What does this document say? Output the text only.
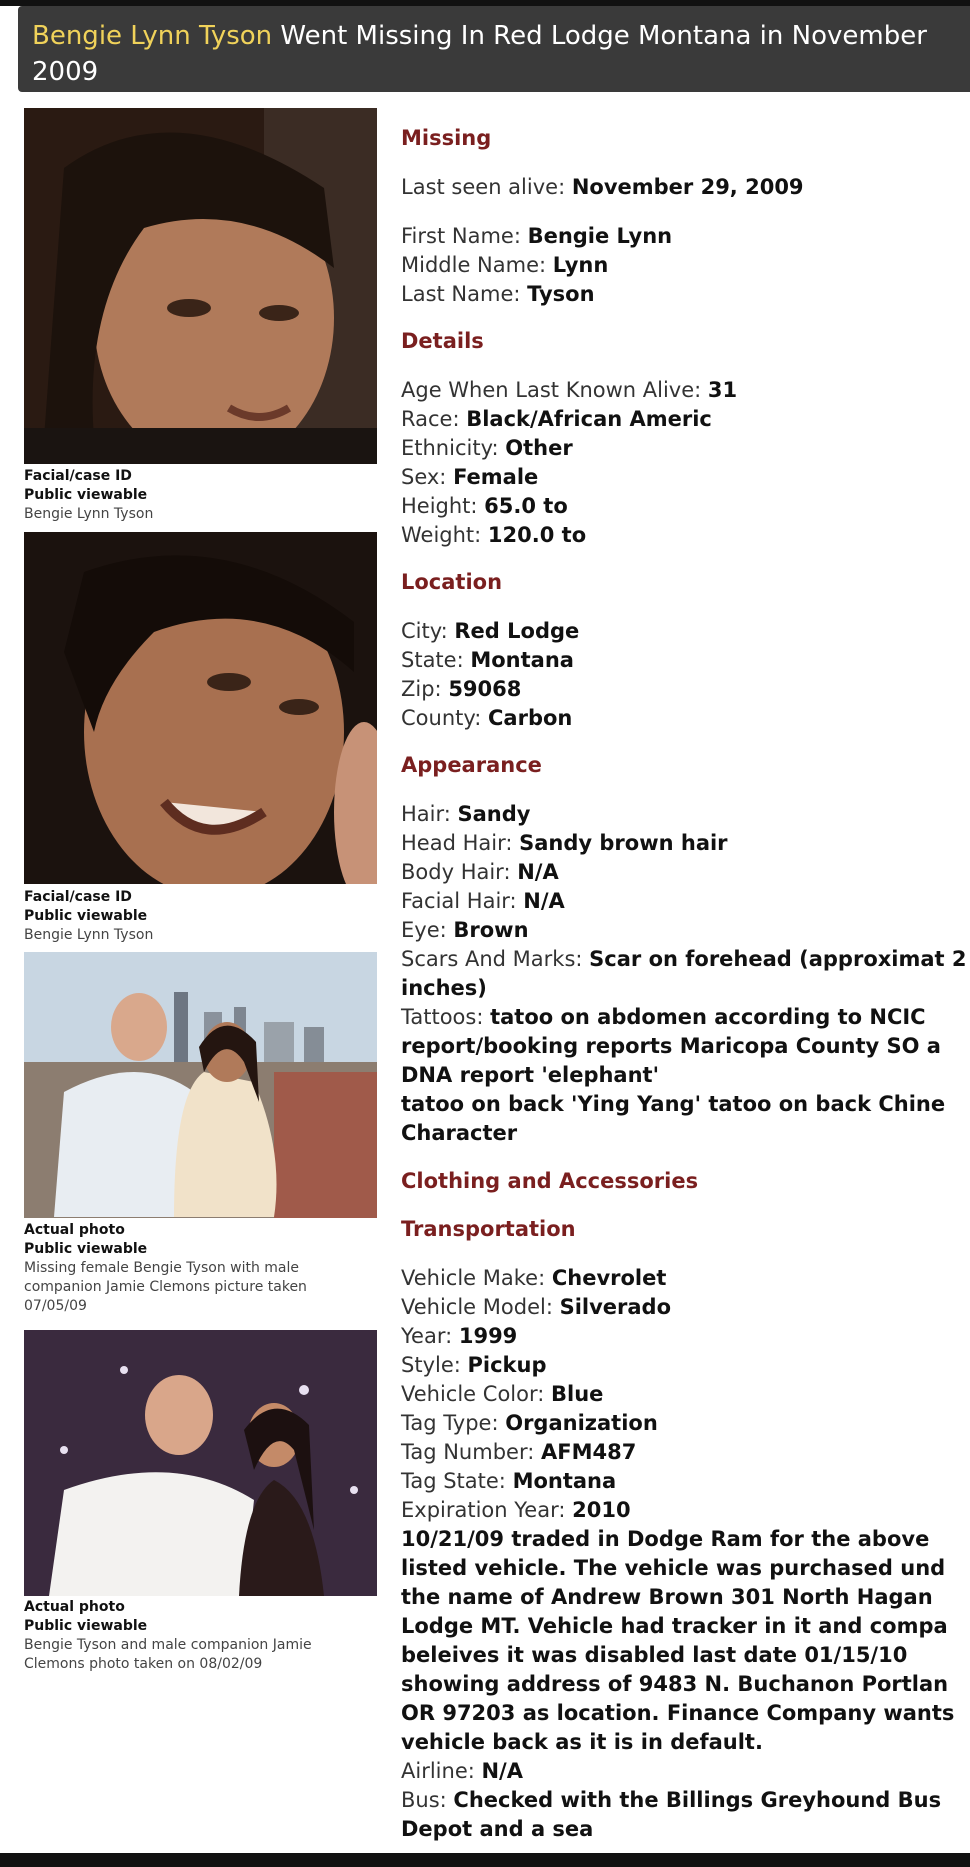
Bengie Lynn Tyson Went Missing In Red Lodge Montana in November 2009
Facial/case ID
Public viewable
Bengie Lynn Tyson
Facial/case ID
Public viewable
Bengie Lynn Tyson
Actual photo
Public viewable
Missing female Bengie Tyson with male companion Jamie Clemons picture taken 07/05/09
Actual photo
Public viewable
Bengie Tyson and male companion Jamie Clemons photo taken on 08/02/09
Missing
Last seen alive: November 29, 2009
First Name: Bengie Lynn
Middle Name: Lynn
Last Name: Tyson
Details
Age When Last Known Alive: 31
Race: Black/African Americ
Ethnicity: Other
Sex: Female
Height: 65.0 to
Weight: 120.0 to
Location
City: Red Lodge
State: Montana
Zip: 59068
County: Carbon
Appearance
Hair: Sandy
Head Hair: Sandy brown hair
Body Hair: N/A
Facial Hair: N/A
Eye: Brown
Scars And Marks: Scar on forehead (approximat 2 inches)
Tattoos: tatoo on abdomen according to NCIC report/booking reports Maricopa County SO a DNA report 'elephant'
tatoo on back 'Ying Yang' tatoo on back Chine Character
Clothing and Accessories
Transportation
Vehicle Make: Chevrolet
Vehicle Model: Silverado
Year: 1999
Style: Pickup
Vehicle Color: Blue
Tag Type: Organization
Tag Number: AFM487
Tag State: Montana
Expiration Year: 2010
10/21/09 traded in Dodge Ram for the above listed vehicle. The vehicle was purchased und the name of Andrew Brown 301 North Hagan Lodge MT. Vehicle had tracker in it and compa beleives it was disabled last date 01/15/10 showing address of 9483 N. Buchanon Portlan OR 97203 as location. Finance Company wants vehicle back as it is in default.
Airline: N/A
Bus: Checked with the Billings Greyhound Bus Depot and a sea
